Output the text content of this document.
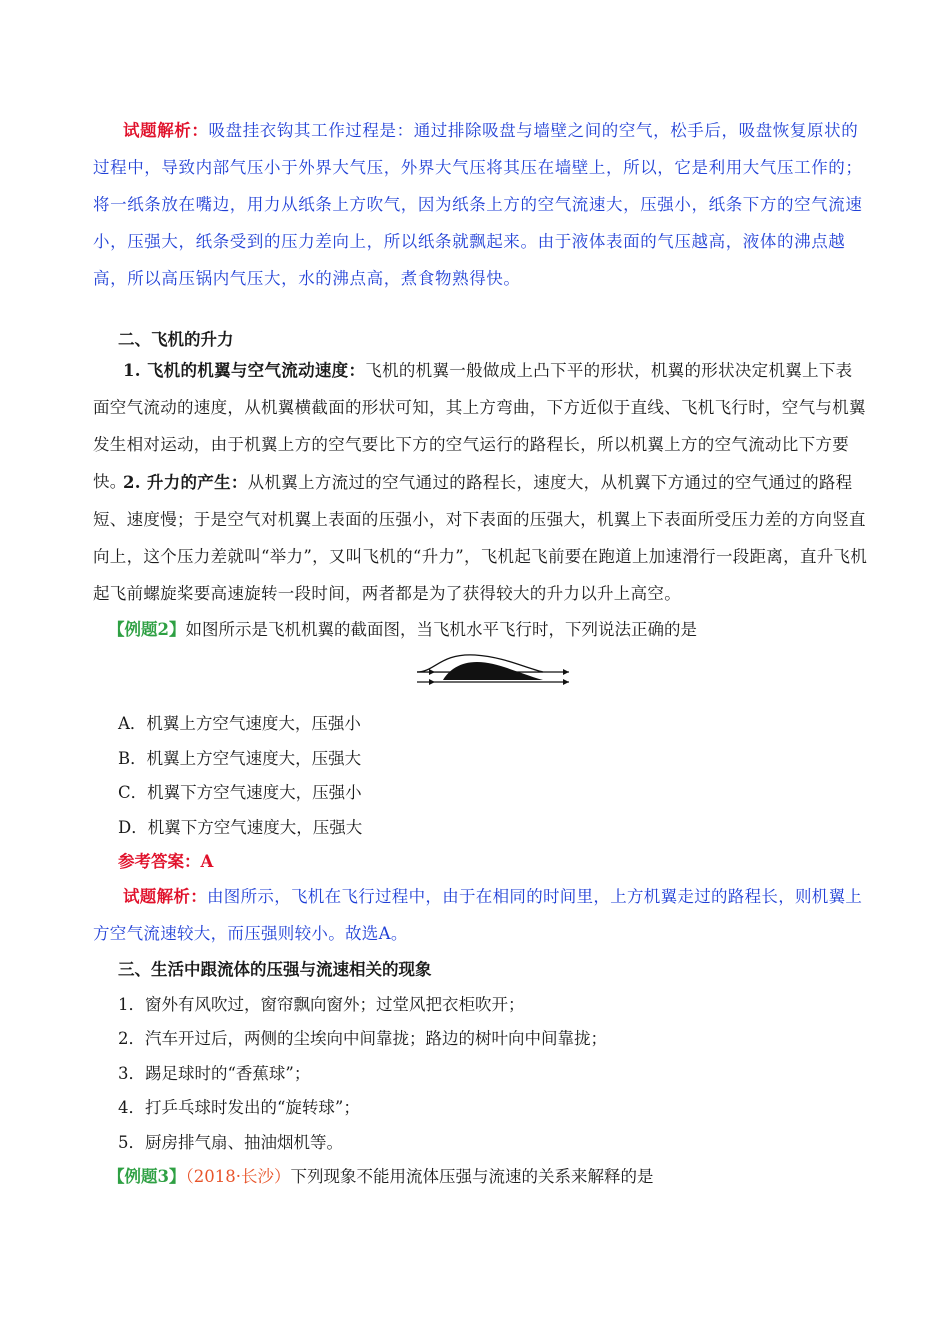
试题解析：吸盘挂衣钩其工作过程是：通过排除吸盘与墙壁之间的空气，松手后，吸盘恢复原状的过程中，导致内部气压小于外界大气压，外界大气压将其压在墙壁上，所以，它是利用大气压工作的；将一纸条放在嘴边，用力从纸条上方吹气，因为纸条上方的空气流速大，压强小，纸条下方的空气流速小，压强大，纸条受到的压力差向上，所以纸条就飘起来。由于液体表面的气压越高，液体的沸点越高，所以高压锅内气压大，水的沸点高，煮食物熟得快。
二、飞机的升力
1. 飞机的机翼与空气流动速度：飞机的机翼一般做成上凸下平的形状，机翼的形状决定机翼上下表面空气流动的速度，从机翼横截面的形状可知，其上方弯曲，下方近似于直线、飞机飞行时，空气与机翼发生相对运动，由于机翼上方的空气要比下方的空气运行的路程长，所以机翼上方的空气流动比下方要快。
2. 升力的产生：从机翼上方流过的空气通过的路程长，速度大，从机翼下方通过的空气通过的路程短、速度慢；于是空气对机翼上表面的压强小，对下表面的压强大，机翼上下表面所受压力差的方向竖直向上，这个压力差就叫“举力”，又叫飞机的“升力”，飞机起飞前要在跑道上加速滑行一段距离，直升飞机起飞前螺旋桨要高速旋转一段时间，两者都是为了获得较大的升力以升上高空。
【例题2】如图所示是飞机机翼的截面图，当飞机水平飞行时，下列说法正确的是
A．机翼上方空气速度大，压强小
B．机翼上方空气速度大，压强大
C．机翼下方空气速度大，压强小
D．机翼下方空气速度大，压强大
参考答案：A
试题解析：由图所示，飞机在飞行过程中，由于在相同的时间里，上方机翼走过的路程长，则机翼上方空气流速较大，而压强则较小。故选A。
三、生活中跟流体的压强与流速相关的现象
1．窗外有风吹过，窗帘飘向窗外；过堂风把衣柜吹开；
2．汽车开过后，两侧的尘埃向中间靠拢；路边的树叶向中间靠拢；
3．踢足球时的“香蕉球”；
4．打乒乓球时发出的“旋转球”；
5．厨房排气扇、抽油烟机等。
【例题3】（2018·长沙）下列现象不能用流体压强与流速的关系来解释的是
